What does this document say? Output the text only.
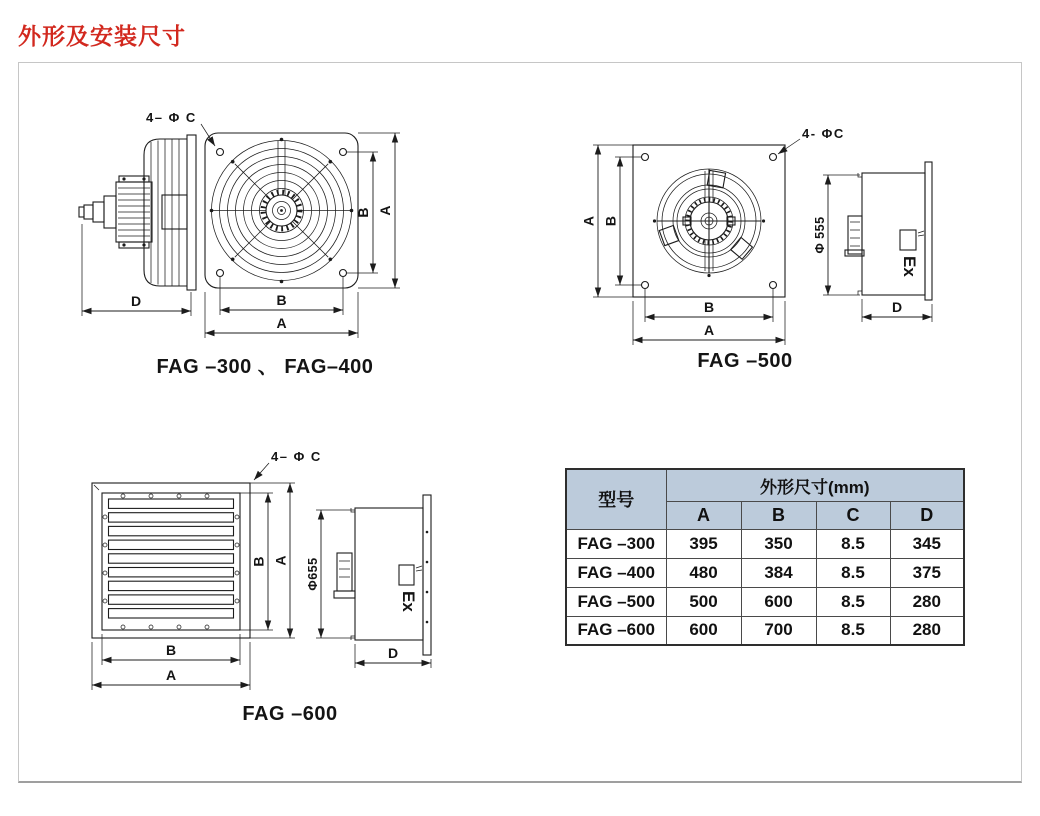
外形及安装尺寸
D
B A
B
A
4– Φ C
FAG –300 、 FAG–400
A B
B
A
4- ΦC
Φ 555
D
Ex
FAG –500
B A
B
A
4– Φ C
Φ655
D
Ex
FAG –600
型号	外形尺寸(mm)			
	A	B	C	D
FAG –300	395	350	8.5	345
FAG –400	480	384	8.5	375
FAG –500	500	600	8.5	280
FAG –600	600	700	8.5	280
